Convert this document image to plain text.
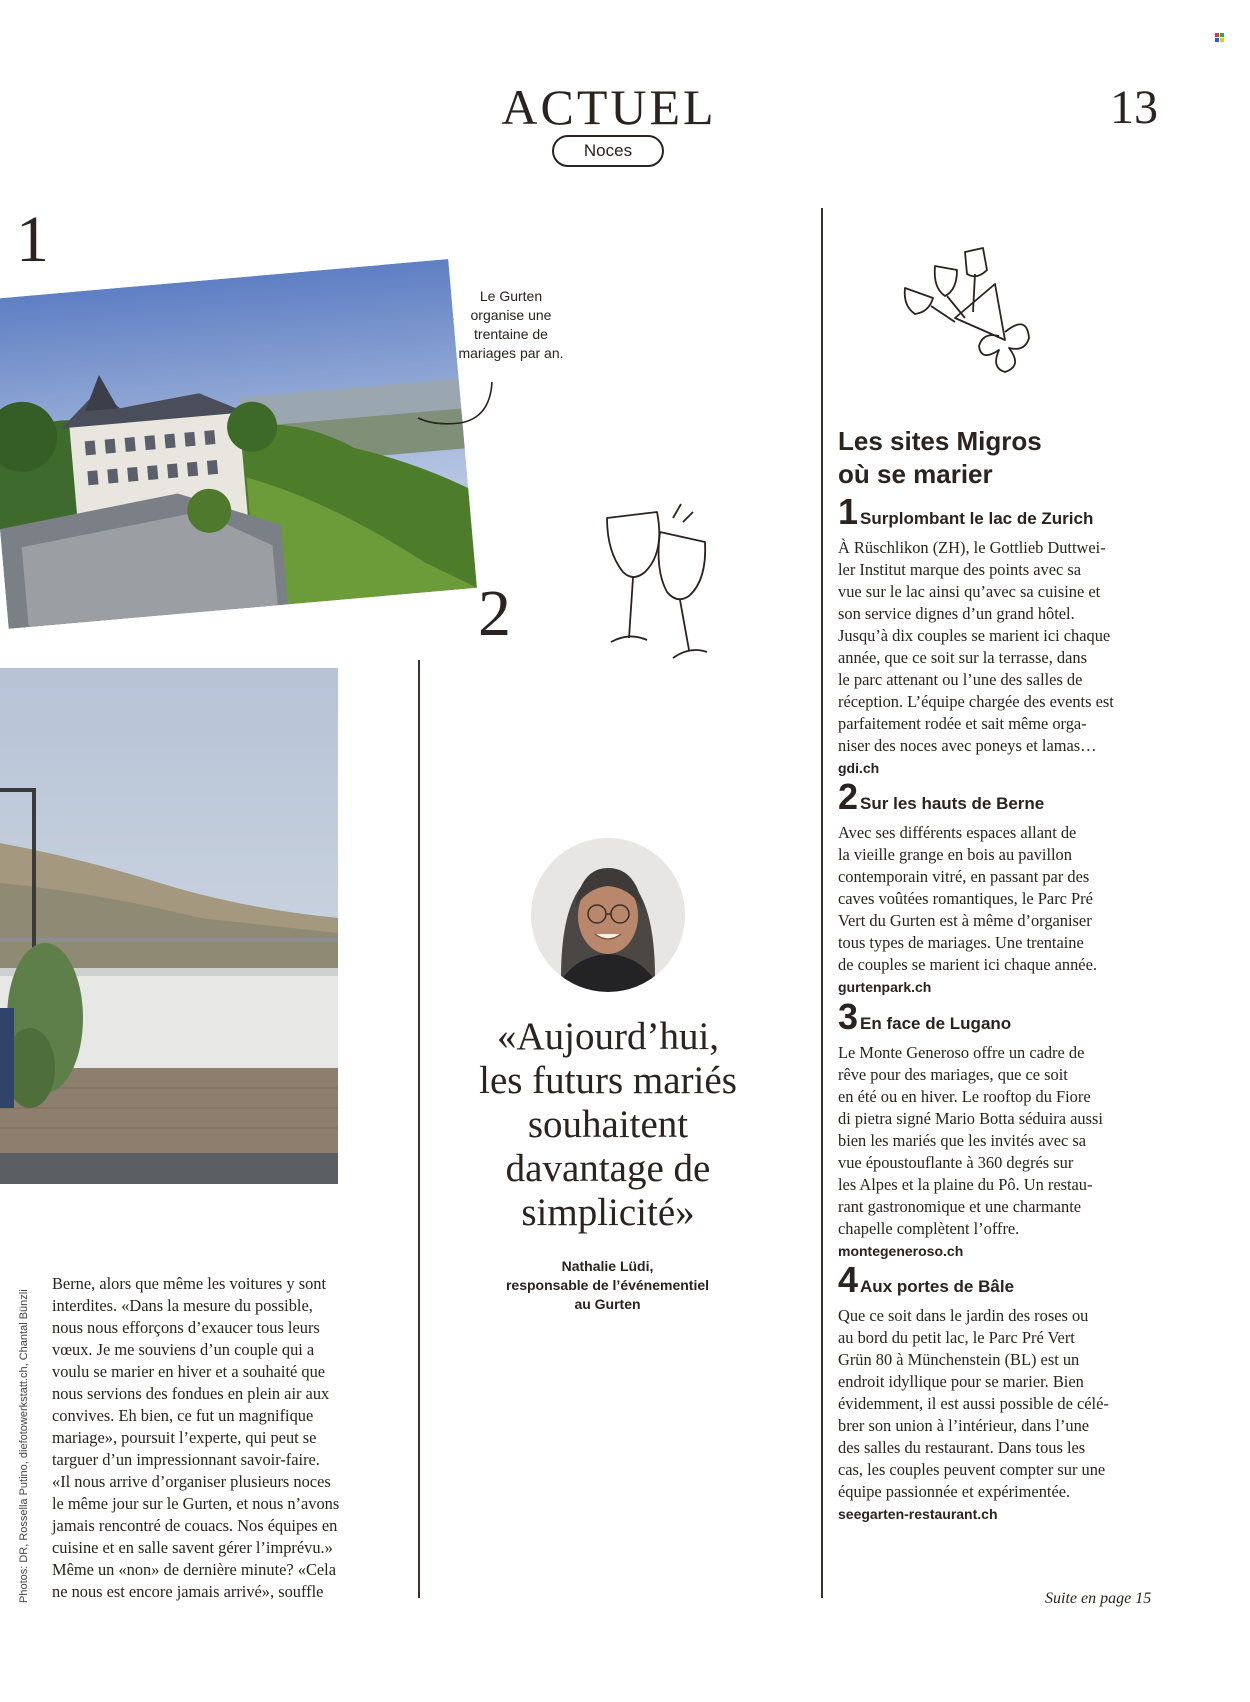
ACTUEL
Noces
13
1
2
Le Gurten organise une trentaine de mariages par an.
Photos: DR, Rossella Putino, diefotowerkstatt.ch, Chantal Bünzli
Berne, alors que même les voitures y sont
interdites. «Dans la mesure du possible,
nous nous efforçons d’exaucer tous leurs
vœux. Je me souviens d’un couple qui a
voulu se marier en hiver et a souhaité que
nous servions des fondues en plein air aux
convives. Eh bien, ce fut un magnifique
mariage», poursuit l’experte, qui peut se
targuer d’un impressionnant savoir-faire.
«Il nous arrive d’organiser plusieurs noces
le même jour sur le Gurten, et nous n’avons
jamais rencontré de couacs. Nos équipes en
cuisine et en salle savent gérer l’imprévu.»
Même un «non» de dernière minute? «Cela
ne nous est encore jamais arrivé», souffle
«Aujourd’hui,
les futurs mariés
souhaitent
davantage de
simplicité»
Nathalie Lüdi,
responsable de l’événementiel
au Gurten
Les sites Migros
où se marier
1 Surplombant le lac de Zurich
À Rüschlikon (ZH), le Gottlieb Duttwei-
ler Institut marque des points avec sa
vue sur le lac ainsi qu’avec sa cuisine et
son service dignes d’un grand hôtel.
Jusqu’à dix couples se marient ici chaque
année, que ce soit sur la terrasse, dans
le parc attenant ou l’une des salles de
réception. L’équipe chargée des events est
parfaitement rodée et sait même orga-
niser des noces avec poneys et lamas…
gdi.ch
2 Sur les hauts de Berne
Avec ses différents espaces allant de
la vieille grange en bois au pavillon
contemporain vitré, en passant par des
caves voûtées romantiques, le Parc Pré
Vert du Gurten est à même d’organiser
tous types de mariages. Une trentaine
de couples se marient ici chaque année.
gurtenpark.ch
3 En face de Lugano
Le Monte Generoso offre un cadre de
rêve pour des mariages, que ce soit
en été ou en hiver. Le rooftop du Fiore
di pietra signé Mario Botta séduira aussi
bien les mariés que les invités avec sa
vue époustouflante à 360 degrés sur
les Alpes et la plaine du Pô. Un restau-
rant gastronomique et une charmante
chapelle complètent l’offre.
montegeneroso.ch
4 Aux portes de Bâle
Que ce soit dans le jardin des roses ou
au bord du petit lac, le Parc Pré Vert
Grün 80 à Münchenstein (BL) est un
endroit idyllique pour se marier. Bien
évidemment, il est aussi possible de célé-
brer son union à l’intérieur, dans l’une
des salles du restaurant. Dans tous les
cas, les couples peuvent compter sur une
équipe passionnée et expérimentée.
seegarten-restaurant.ch
Suite en page 15
